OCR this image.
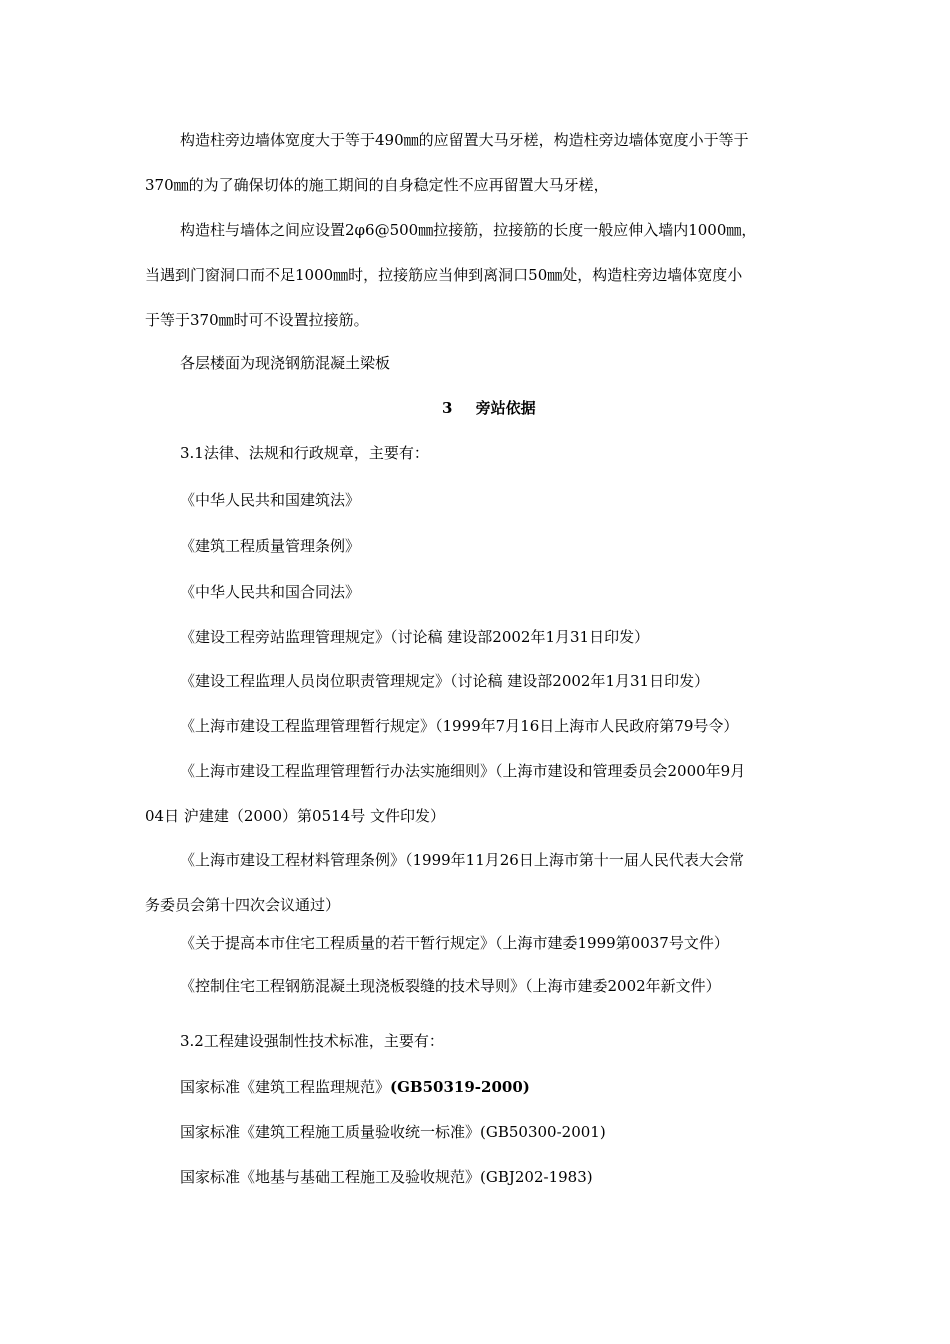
构造柱旁边墙体宽度大于等于490㎜的应留置大马牙槎，构造柱旁边墙体宽度小于等于
370㎜的为了确保切体的施工期间的自身稳定性不应再留置大马牙槎，
构造柱与墙体之间应设置2φ6@500㎜拉接筋，拉接筋的长度一般应伸入墙内1000㎜，
当遇到门窗洞口而不足1000㎜时，拉接筋应当伸到离洞口50㎜处，构造柱旁边墙体宽度小
于等于370㎜时可不设置拉接筋。
各层楼面为现浇钢筋混凝土梁板
3 旁站依据
3.1法律、法规和行政规章，主要有：
《中华人民共和国建筑法》
《建筑工程质量管理条例》
《中华人民共和国合同法》
《建设工程旁站监理管理规定》（讨论稿 建设部2002年1月31日印发）
《建设工程监理人员岗位职责管理规定》（讨论稿 建设部2002年1月31日印发）
《上海市建设工程监理管理暂行规定》（1999年7月16日上海市人民政府第79号令）
《上海市建设工程监理管理暂行办法实施细则》（上海市建设和管理委员会2000年9月
04日 沪建建（2000）第0514号 文件印发）
《上海市建设工程材料管理条例》（1999年11月26日上海市第十一届人民代表大会常
务委员会第十四次会议通过）
《关于提高本市住宅工程质量的若干暂行规定》（上海市建委1999第0037号文件）
《控制住宅工程钢筋混凝土现浇板裂缝的技术导则》（上海市建委2002年新文件）
3.2工程建设强制性技术标准，主要有：
国家标准《建筑工程监理规范》(GB50319-2000)
国家标准《建筑工程施工质量验收统一标准》(GB50300-2001)
国家标准《地基与基础工程施工及验收规范》(GBJ202-1983)
